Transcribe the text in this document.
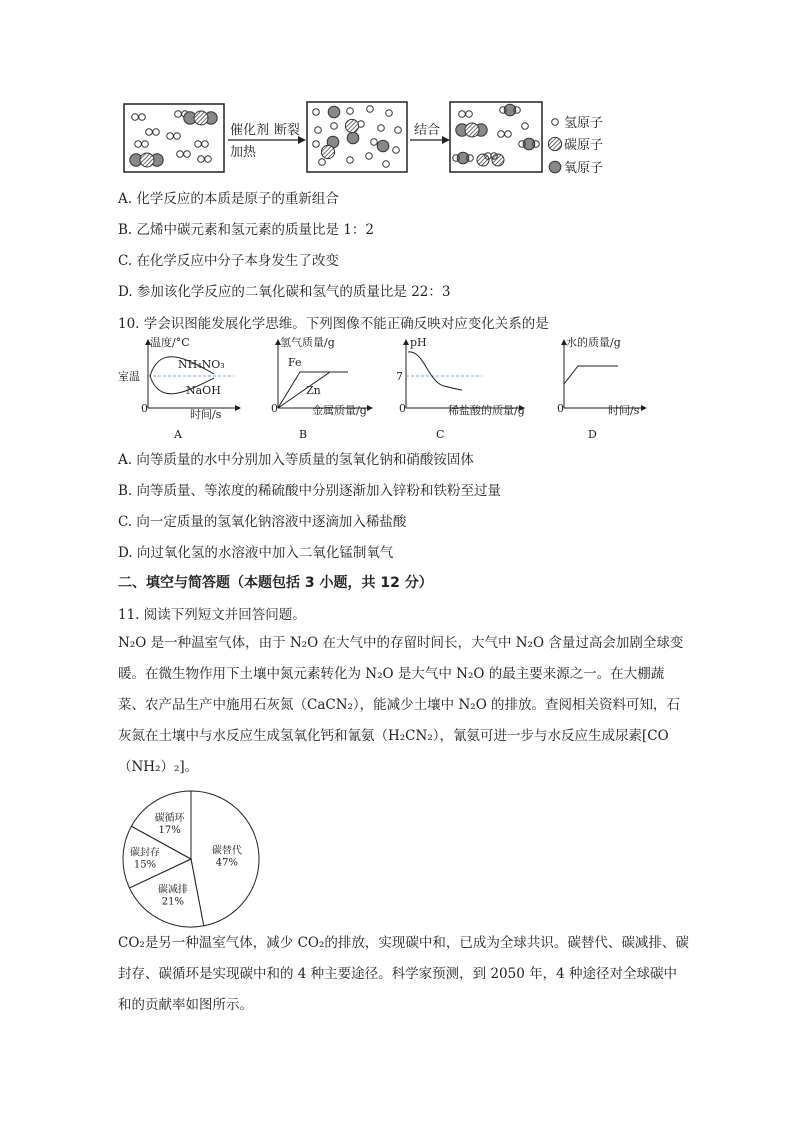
催化剂 断裂
加热
结合	氢原子
碳原子
氧原子
A. 化学反应的本质是原子的重新组合
B. 乙烯中碳元素和氢元素的质量比是 1：2
C. 在化学反应中分子本身发生了改变
D. 参加该化学反应的二氧化碳和氢气的质量比是 22：3
10. 学会识图能发展化学思维。下列图像不能正确反映对应变化关系的是
温度/°C
室温
NH₄NO₃
NaOH
0	时间/s
A
氢气质量/g
Fe
Zn
0	金属质量/g
B
pH
7
0	稀盐酸的质量/g
C
水的质量/g
0	时间/s
D
A. 向等质量的水中分别加入等质量的氢氧化钠和硝酸铵固体
B. 向等质量、等浓度的稀硫酸中分别逐渐加入锌粉和铁粉至过量
C. 向一定质量的氢氧化钠溶液中逐滴加入稀盐酸
D. 向过氧化氢的水溶液中加入二氧化锰制氧气
二、填空与简答题（本题包括 3 小题，共 12 分）
11. 阅读下列短文并回答问题。
N₂O 是一种温室气体，由于 N₂O 在大气中的存留时间长，大气中 N₂O 含量过高会加剧全球变暖。在微生物作用下土壤中氮元素转化为 N₂O 是大气中 N₂O 的最主要来源之一。在大棚蔬菜、农产品生产中施用石灰氮（CaCN₂），能减少土壤中 N₂O 的排放。查阅相关资料可知，石灰氮在土壤中与水反应生成氢氧化钙和氰氨（H₂CN₂），氰氨可进一步与水反应生成尿素[CO（NH₂）₂]。
碳替代
47%
碳减排
21%
碳封存
15%
碳循环
17%
CO₂是另一种温室气体，减少 CO₂的排放，实现碳中和，已成为全球共识。碳替代、碳减排、碳封存、碳循环是实现碳中和的 4 种主要途径。科学家预测，到 2050 年，4 种途径对全球碳中和的贡献率如图所示。
